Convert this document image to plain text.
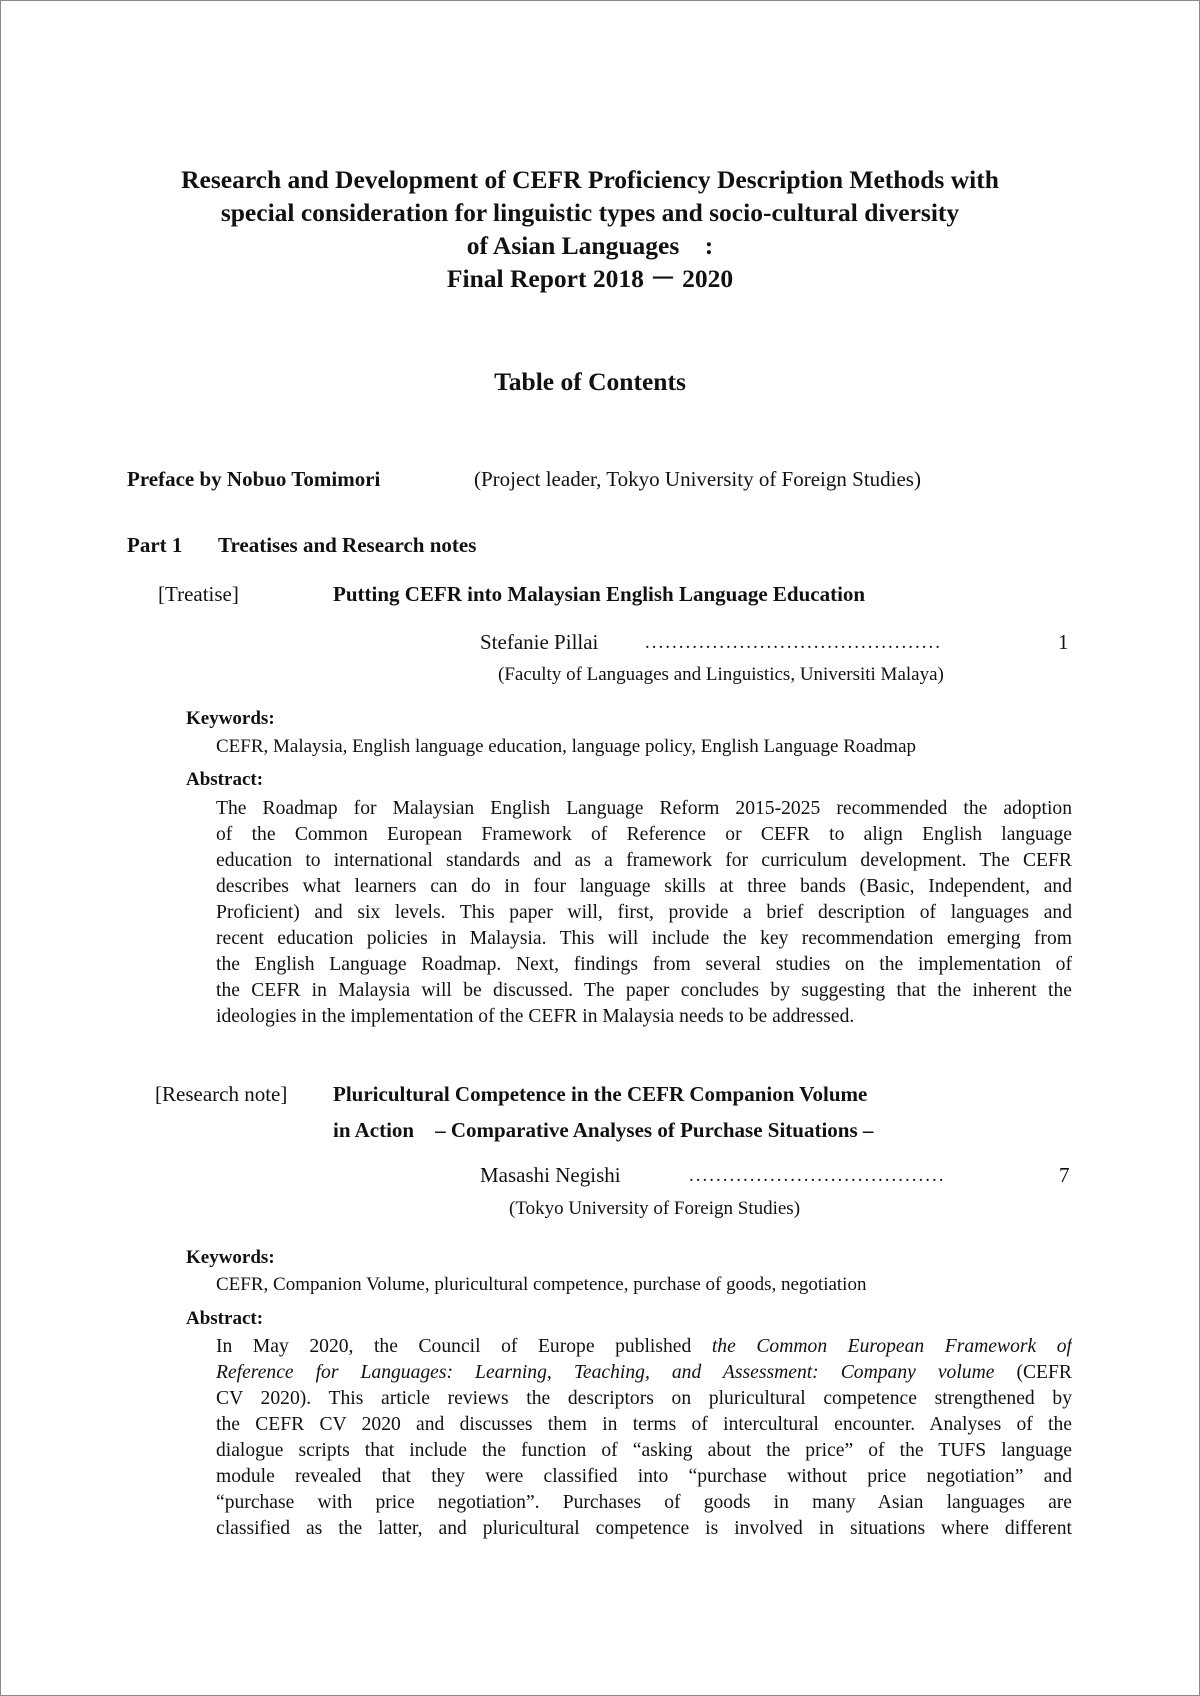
Research and Development of CEFR Proficiency Description Methods with
special consideration for linguistic types and socio-cultural diversity
of Asian Languages　:
Final Report 2018 － 2020
Table of Contents
Preface by Nobuo Tomimori	(Project leader, Tokyo University of Foreign Studies)
Part 1 Treatises and Research notes
[Treatise]	Putting CEFR into Malaysian English Language Education
Stefanie Pillai ............................................	1
(Faculty of Languages and Linguistics, Universiti Malaya)
Keywords:
CEFR, Malaysia, English language education, language policy, English Language Roadmap
Abstract:
The Roadmap for Malaysian English Language Reform 2015-2025 recommended the adoption
of the Common European Framework of Reference or CEFR to align English language
education to international standards and as a framework for curriculum development. The CEFR
describes what learners can do in four language skills at three bands (Basic, Independent, and
Proficient) and six levels. This paper will, first, provide a brief description of languages and
recent education policies in Malaysia. This will include the key recommendation emerging from
the English Language Roadmap. Next, findings from several studies on the implementation of
the CEFR in Malaysia will be discussed. The paper concludes by suggesting that the inherent the
ideologies in the implementation of the CEFR in Malaysia needs to be addressed.
[Research note] Pluricultural Competence in the CEFR Companion Volume
in Action　– Comparative Analyses of Purchase Situations –
Masashi Negishi	......................................	7
(Tokyo University of Foreign Studies)
Keywords:
CEFR, Companion Volume, pluricultural competence, purchase of goods, negotiation
Abstract:
In May 2020, the Council of Europe published the Common European Framework of
Reference for Languages: Learning, Teaching, and Assessment: Company volume (CEFR
CV 2020). This article reviews the descriptors on pluricultural competence strengthened by
the CEFR CV 2020 and discusses them in terms of intercultural encounter. Analyses of the
dialogue scripts that include the function of “asking about the price” of the TUFS language
module revealed that they were classified into “purchase without price negotiation” and
“purchase with price negotiation”. Purchases of goods in many Asian languages are
classified as the latter, and pluricultural competence is involved in situations where different
